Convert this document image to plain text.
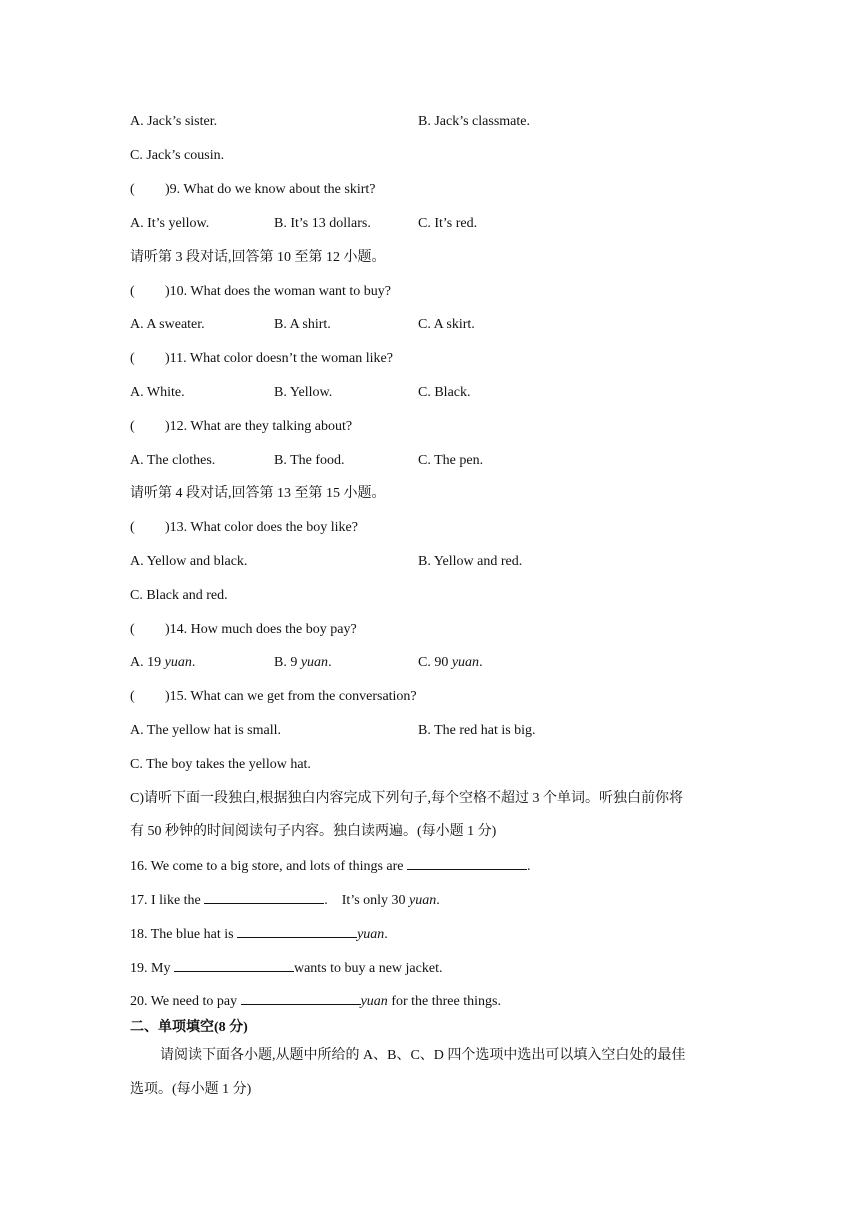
A. Jack’s sister.	B. Jack’s classmate.
C. Jack’s cousin.
( )9. What do we know about the skirt?
A. It’s yellow.	B. It’s 13 dollars.	C. It’s red.
请听第 3 段对话,回答第 10 至第 12 小题。
( )10. What does the woman want to buy?
A. A sweater.	B. A shirt.	C. A skirt.
( )11. What color doesn’t the woman like?
A. White.	B. Yellow.	C. Black.
( )12. What are they talking about?
A. The clothes.	B. The food.	C. The pen.
请听第 4 段对话,回答第 13 至第 15 小题。
( )13. What color does the boy like?
A. Yellow and black.	B. Yellow and red.
C. Black and red.
( )14. How much does the boy pay?
A. 19 yuan.	B. 9 yuan.	C. 90 yuan.
( )15. What can we get from the conversation?
A. The yellow hat is small.	B. The red hat is big.
C. The boy takes the yellow hat.
C)请听下面一段独白,根据独白内容完成下列句子,每个空格不超过 3 个单词。听独白前你将
有 50 秒钟的时间阅读句子内容。独白读两遍。(每小题 1 分)
16. We come to a big store, and lots of things are	.
17. I like the	.    It’s only 30 yuan.
18. The blue hat is	yuan.
19. My	wants to buy a new jacket.
20. We need to pay	yuan for the three things.
二、单项填空(8 分)
请阅读下面各小题,从题中所给的 A、B、C、D 四个选项中选出可以填入空白处的最佳
选项。(每小题 1 分)
